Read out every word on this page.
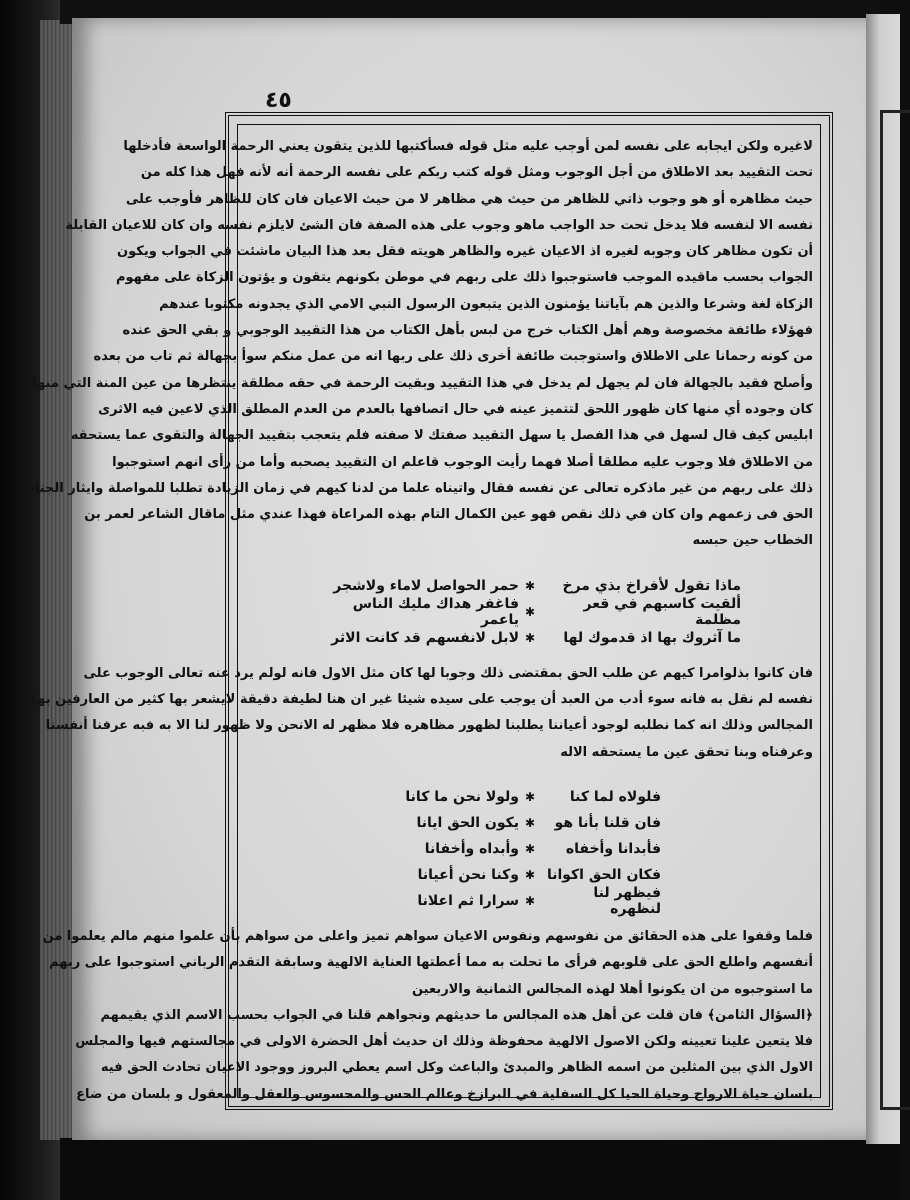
٤٥

لاغيره ولكن ايجابه على نفسه لمن أوجب عليه مثل قوله فسأكتبها للذين يتقون يعني الرحمة الواسعة فأدخلها

تحت التقييد بعد الاطلاق من أجل الوجوب ومثل قوله كتب ربكم على نفسه الرحمة أنه لأنه فهل هذا كله من

حيث مظاهره أو هو وجوب ذاتي للظاهر من حيث هي مظاهر لا من حيث الاعيان فان كان للظاهر فأوجب على

نفسه الا لنفسه فلا يدخل تحت حد الواجب ماهو وجوب على هذه الصفة فان الشئ لايلزم نفسه وان كان للاعيان القابلة

أن تكون مظاهر كان وجوبه لغيره اذ الاعيان غيره والظاهر هويته فقل بعد هذا البيان ماشئت في الجواب ويكون

الجواب بحسب ماقيده الموجب فاستوجبوا ذلك على ربهم في موطن بكونهم يتقون و يؤتون الزكاة على مفهوم

الزكاة لغة وشرعا والذين هم بآياتنا يؤمنون الذين يتبعون الرسول النبي الامي الذي يجدونه مكتوبا عندهم

فهؤلاء طائفة مخصوصة وهم أهل الكتاب خرج من لبس بأهل الكتاب من هذا التقييد الوجوبي و بقي الحق عنده

من كونه رحمانا على الاطلاق واستوجبت طائفة أخرى ذلك على ربها انه من عمل منكم سوأ بجهالة ثم تاب من بعده

وأصلح فقيد بالجهالة فان لم يجهل لم يدخل في هذا التقييد وبقيت الرحمة في حقه مطلقة ينتظرها من عين المنة التي منها

كان وجوده أي منها كان ظهور اللحق لتتميز عينه في حال اتصافها بالعدم من العدم المطلق الذي لاعين فيه الاثرى

ابليس كيف قال لسهل في هذا الفصل يا سهل التقييد صفتك لا صفته فلم يتعجب بتقييد الجهالة والتقوى عما يستحقه

من الاطلاق فلا وجوب عليه مطلقا أصلا فهما رأيت الوجوب قاعلم ان التقييد يصحبه وأما من رأى انهم استوجبوا

ذلك على ربهم من غير ماذكره تعالى عن نفسه فقال واتيناه علما من لدنا كيهم في زمان الزيادة تطلبا للمواصلة وايثار الجناب

الحق فى زعمهم وان كان في ذلك نقص فهو عين الكمال التام بهذه المراعاة فهذا عندي مثل ماقال الشاعر لعمر بن

الخطاب حين حبسه

ماذا تقول لأفراخ بذي مرخ
✱
حمر الحواصل لاماء ولاشجر
ألقيت كاسبهم في قعر مظلمة
✱
فاغفر هداك مليك الناس ياعمر
ما آثروك بها اذ قدموك لها
✱
لابل لانفسهم قد كانت الاثر

فان كانوا بذلوامرا كيهم عن طلب الحق بمقتضى ذلك وجوبا لها كان مثل الاول فانه لولم يرد عنه تعالى الوجوب على

نفسه لم نقل به فانه سوء أدب من العبد أن يوجب على سيده شيئا غير ان هنا لطيفة دقيقة لايشعر بها كثير من العارفين بهذه

المجالس وذلك انه كما نطلبه لوجود أعياننا يطلبنا لظهور مظاهره فلا مظهر له الانحن ولا ظهور لنا الا به فبه عرفنا أنفسنا

وعرفناه وبنا تحقق عين ما يستحقه الاله

فلولاه لما كنا
✱
ولولا نحن ما كانا
فان قلنا بأنا هو
✱
يكون الحق ايانا
فأبدانا وأخفاه
✱
وأبداه وأخفانا
فكان الحق اكوانا
✱
وكنا نحن أعيانا
فيظهر لنا لنظهره
✱
سرارا ثم اعلانا

فلما وقفوا على هذه الحقائق من نفوسهم ونفوس الاعيان سواهم تميز واعلى من سواهم بأن علموا منهم مالم يعلموا من

أنفسهم واطلع الحق على قلوبهم فرأى ما تحلت به مما أعطتها العناية الالهية وسابقة التقدم الرباني استوجبوا على ربهم

ما استوجبوه من ان يكونوا أهلا لهذه المجالس الثمانية والاربعين

﴿السؤال الثامن﴾ فان قلت عن أهل هذه المجالس ما حديثهم ونجواهم قلنا في الجواب بحسب الاسم الذي يقيمهم

فلا يتعين علينا تعيينه ولكن الاصول الالهية محفوظة وذلك ان حديث أهل الحضرة الاولى في مجالستهم فيها والمجلس

الاول الذي بين المثلين من اسمه الظاهر والمبدئ والباعث وكل اسم يعطي البروز ووجود الاعيان تحادث الحق فيه

بلسان حياة الارواح وحياة الحيا كل السفلية في البرازخ وعالم الحس والمحسوس والعقل والمعقول و بلسان من ضاع
